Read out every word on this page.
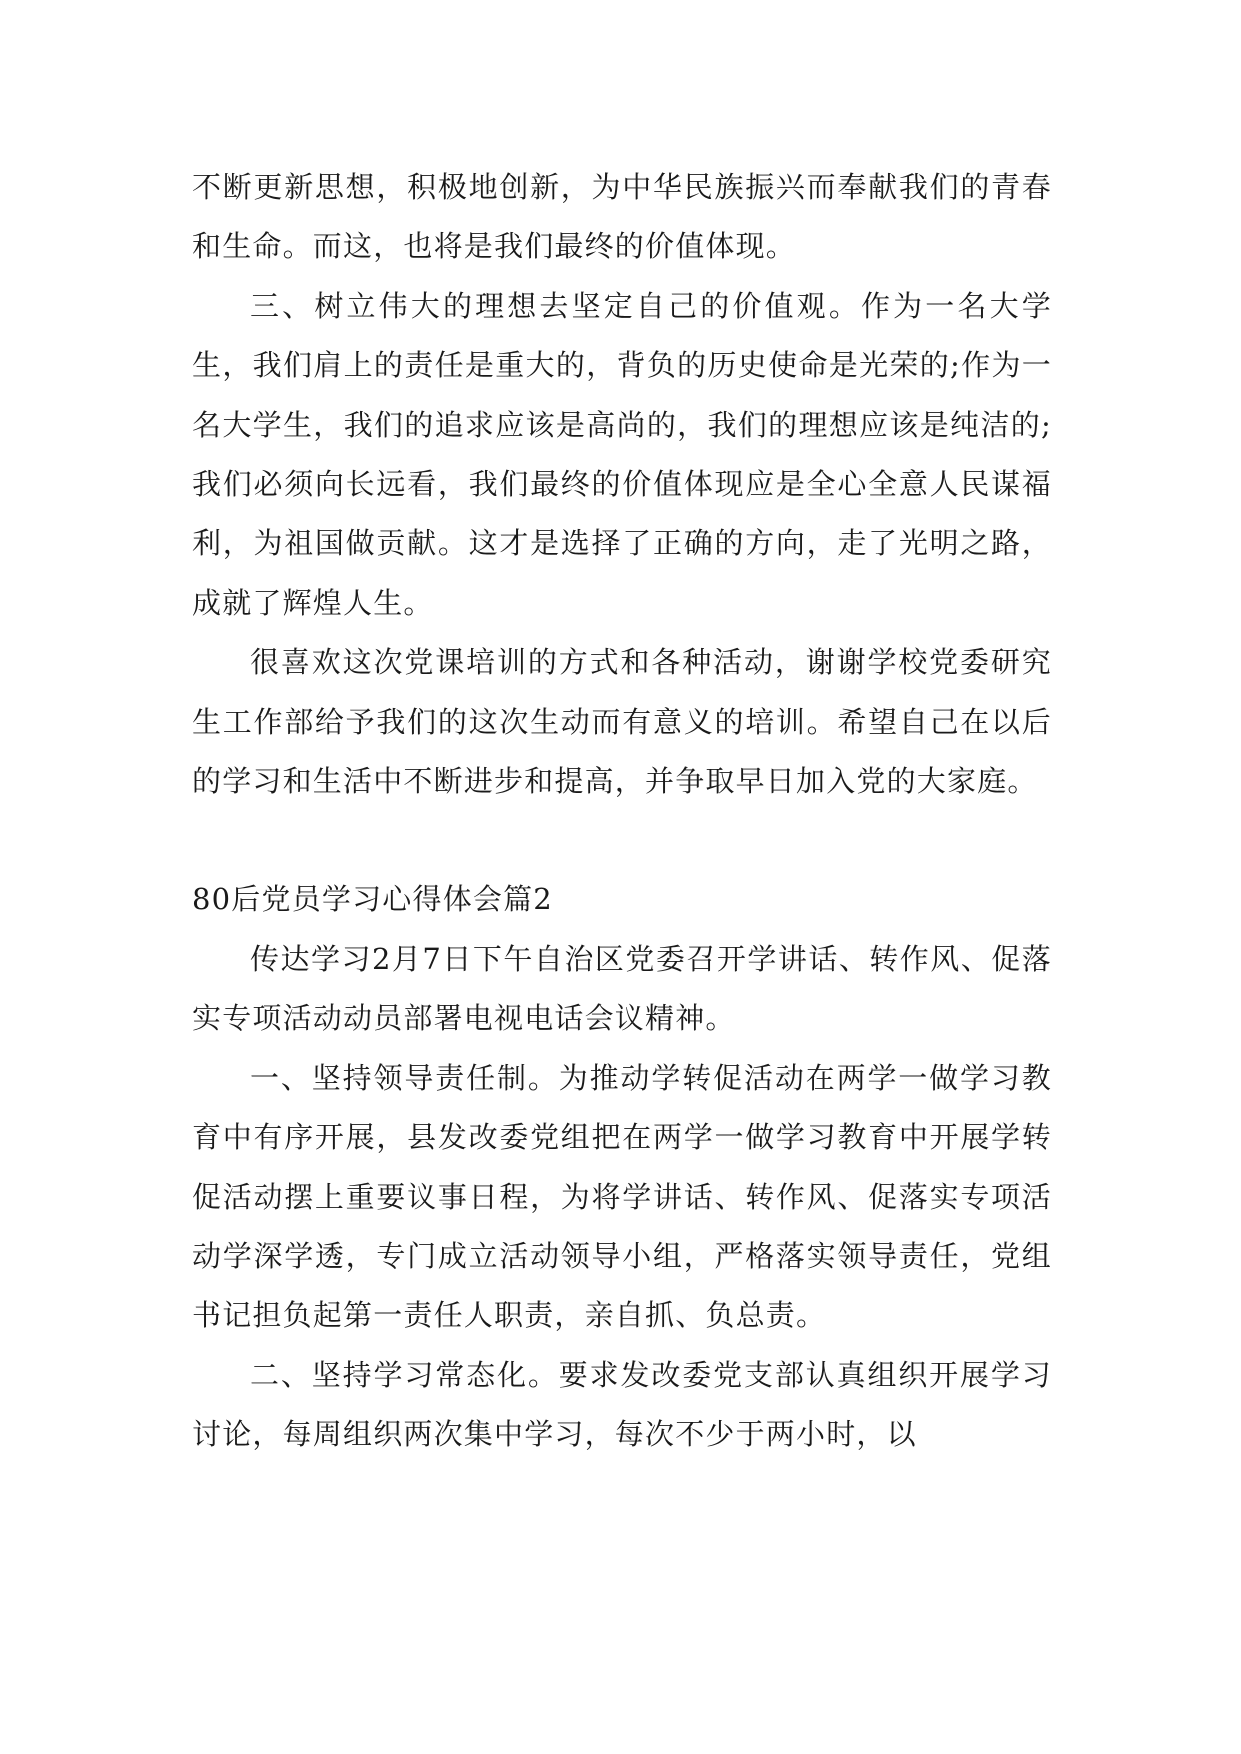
不断更新思想，积极地创新，为中华民族振兴而奉献我们的青春和生命。而这，也将是我们最终的价值体现。

三、树立伟大的理想去坚定自己的价值观。作为一名大学生，我们肩上的责任是重大的，背负的历史使命是光荣的;作为一名大学生，我们的追求应该是高尚的，我们的理想应该是纯洁的;我们必须向长远看，我们最终的价值体现应是全心全意人民谋福利，为祖国做贡献。这才是选择了正确的方向，走了光明之路，成就了辉煌人生。

很喜欢这次党课培训的方式和各种活动，谢谢学校党委研究生工作部给予我们的这次生动而有意义的培训。希望自己在以后的学习和生活中不断进步和提高，并争取早日加入党的大家庭。

80后党员学习心得体会篇2

传达学习2月7日下午自治区党委召开学讲话、转作风、促落实专项活动动员部署电视电话会议精神。

一、坚持领导责任制。为推动学转促活动在两学一做学习教育中有序开展，县发改委党组把在两学一做学习教育中开展学转促活动摆上重要议事日程，为将学讲话、转作风、促落实专项活动学深学透，专门成立活动领导小组，严格落实领导责任，党组书记担负起第一责任人职责，亲自抓、负总责。

二、坚持学习常态化。要求发改委党支部认真组织开展学习讨论，每周组织两次集中学习，每次不少于两小时，以
